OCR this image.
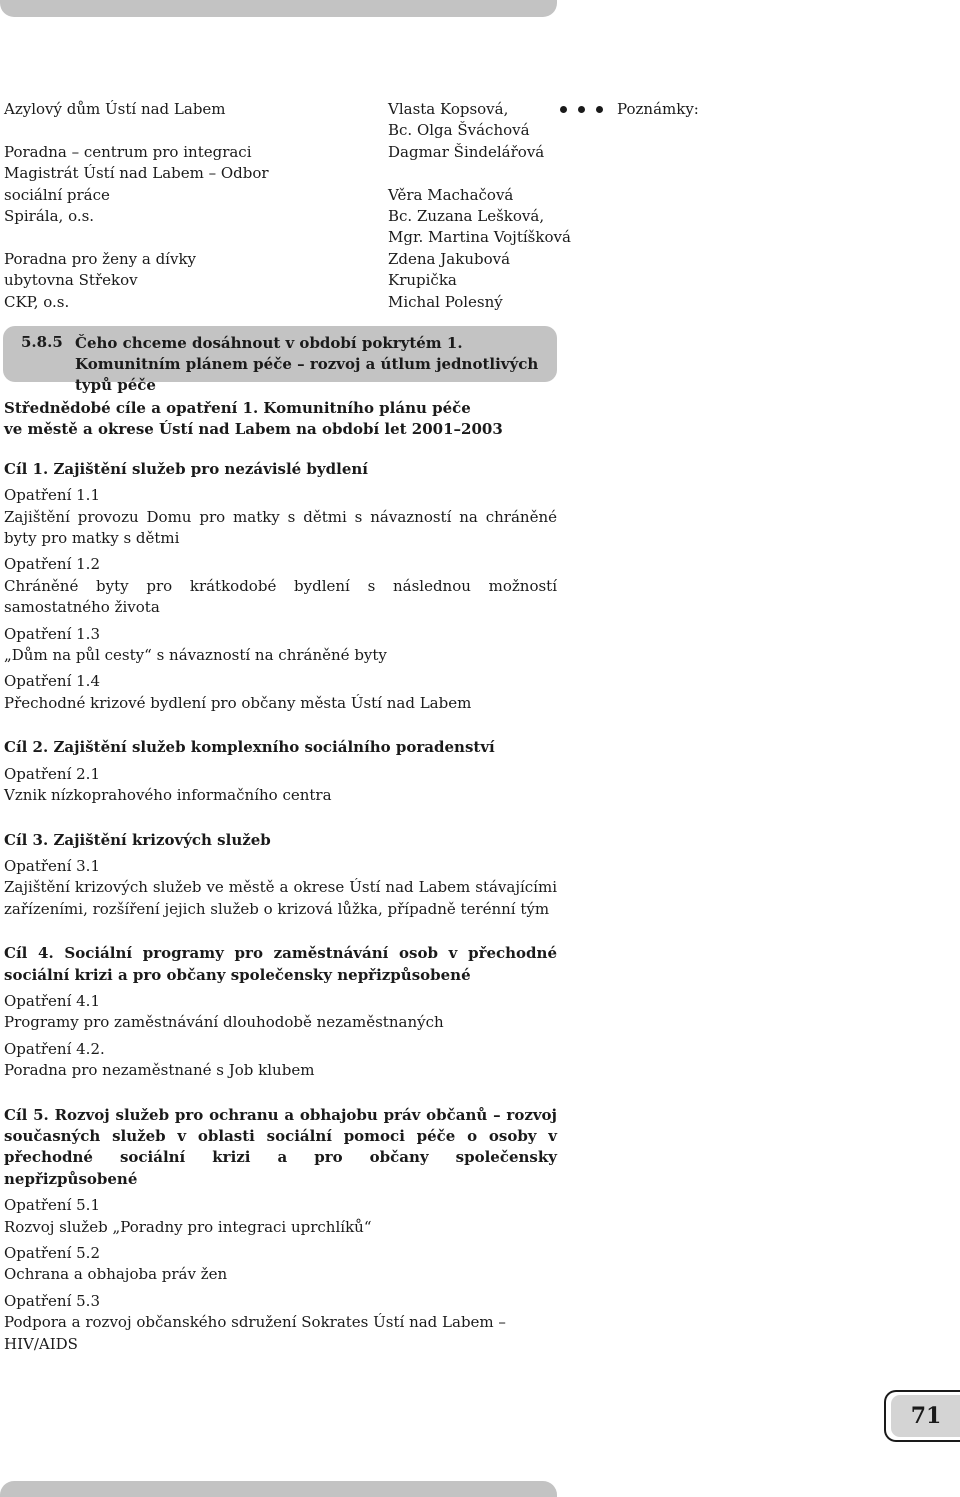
Azylový dům Ústí nad Labem
Poradna – centrum pro integraci
Magistrát Ústí nad Labem – Odbor
sociální práce
Spirála, o.s.
Poradna pro ženy a dívky
ubytovna Střekov
CKP, o.s.
Vlasta Kopsová,
Bc. Olga Šváchová
Dagmar Šindelářová
Věra Machačová
Bc. Zuzana Lešková,
Mgr. Martina Vojtíšková
Zdena Jakubová
Krupička
Michal Polesný
Poznámky:
5.8.5 Čeho chceme dosáhnout v období pokrytém 1. Komunitním plánem péče – rozvoj a útlum jednotlivých typů péče
Střednědobé cíle a opatření 1. Komunitního plánu péče
ve městě a okrese Ústí nad Labem na období let 2001–2003
Cíl 1. Zajištění služeb pro nezávislé bydlení
Opatření 1.1
Zajištění provozu Domu pro matky s dětmi s návazností na chráněné byty pro matky s dětmi
Opatření 1.2
Chráněné byty pro krátkodobé bydlení s následnou možností samostatného života
Opatření 1.3
„Dům na půl cesty“ s návazností na chráněné byty
Opatření 1.4
Přechodné krizové bydlení pro občany města Ústí nad Labem
Cíl 2. Zajištění služeb komplexního sociálního poradenství
Opatření 2.1
Vznik nízkoprahového informačního centra
Cíl 3. Zajištění krizových služeb
Opatření 3.1
Zajištění krizových služeb ve městě a okrese Ústí nad Labem stávajícími zařízeními, rozšíření jejich služeb o krizová lůžka, případně terénní tým
Cíl 4. Sociální programy pro zaměstnávání osob v přechodné sociální krizi a pro občany společensky nepřizpůsobené
Opatření 4.1
Programy pro zaměstnávání dlouhodobě nezaměstnaných
Opatření 4.2.
Poradna pro nezaměstnané s Job klubem
Cíl 5. Rozvoj služeb pro ochranu a obhajobu práv občanů – rozvoj současných služeb v oblasti sociální pomoci péče o osoby v přechodné sociální krizi a pro občany společensky nepřizpůsobené
Opatření 5.1
Rozvoj služeb „Poradny pro integraci uprchlíků“
Opatření 5.2
Ochrana a obhajoba práv žen
Opatření 5.3
Podpora a rozvoj občanského sdružení Sokrates Ústí nad Labem – HIV/AIDS
71
